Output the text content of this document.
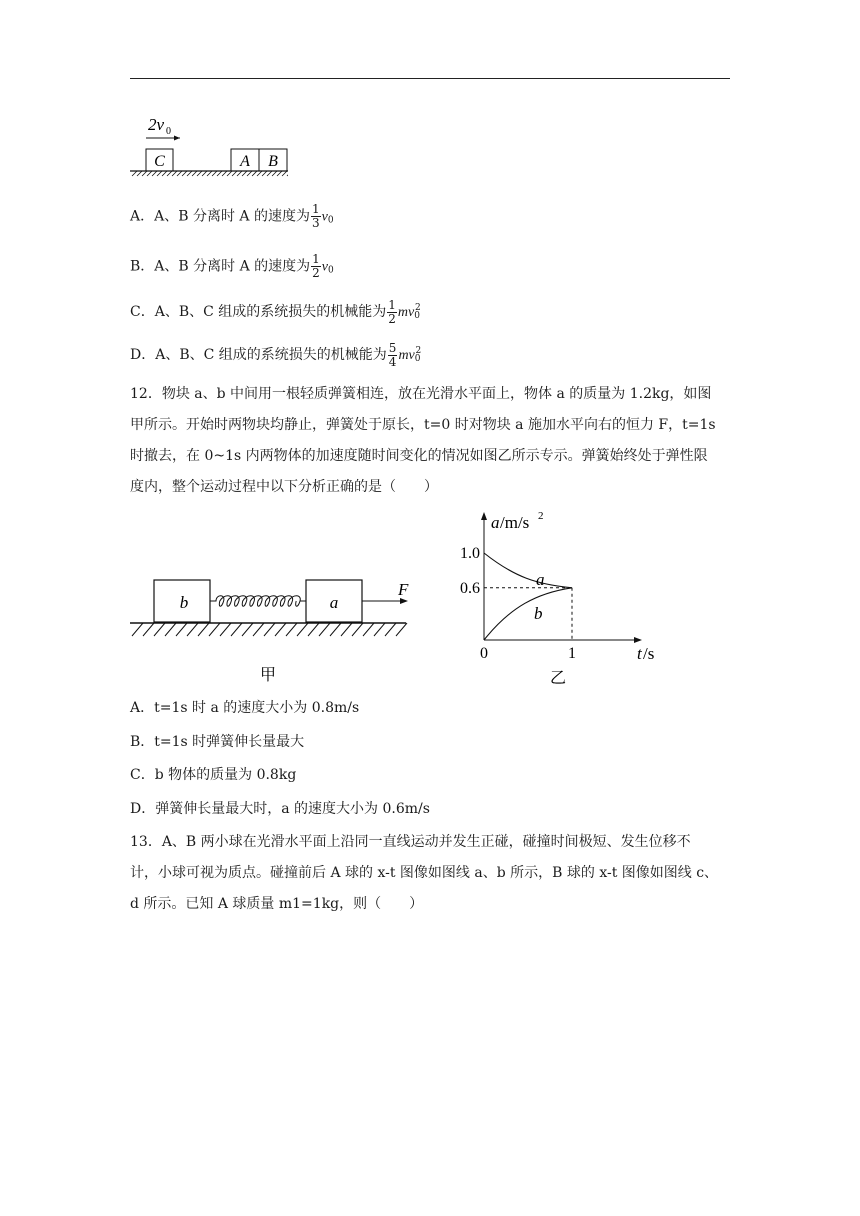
2v 0
C	A B
A．A、B 分离时 A 的速度为 $\frac{1}{3} v_0$
B．A、B 分离时 A 的速度为 $\frac{1}{2} v_0$
C．A、B、C 组成的系统损失的机械能为 $\frac{1}{2} mv_0^2$
D．A、B、C 组成的系统损失的机械能为 $\frac{5}{4} mv_0^2$
12．物块 a、b 中间用一根轻质弹簧相连，放在光滑水平面上，物体 a 的质量为 1.2kg，如图
甲所示。开始时两物块均静止，弹簧处于原长，t=0 时对物块 a 施加水平向右的恒力 F，t=1s
时撤去，在 0~1s 内两物体的加速度随时间变化的情况如图乙所示专示。弹簧始终处于弹性限
度内，整个运动过程中以下分析正确的是（　　）
b	a
F
甲
a /m/s 2
t /s
0	1
1.0
0.6	a
b
乙
A．t=1s 时 a 的速度大小为 0.8m/s
B．t=1s 时弹簧伸长量最大
C．b 物体的质量为 0.8kg
D．弹簧伸长量最大时，a 的速度大小为 0.6m/s
13．A、B 两小球在光滑水平面上沿同一直线运动并发生正碰，碰撞时间极短、发生位移不
计，小球可视为质点。碰撞前后 A 球的 x-t 图像如图线 a、b 所示，B 球的 x-t 图像如图线 c、
d 所示。已知 A 球质量 m1=1kg，则（　　）
